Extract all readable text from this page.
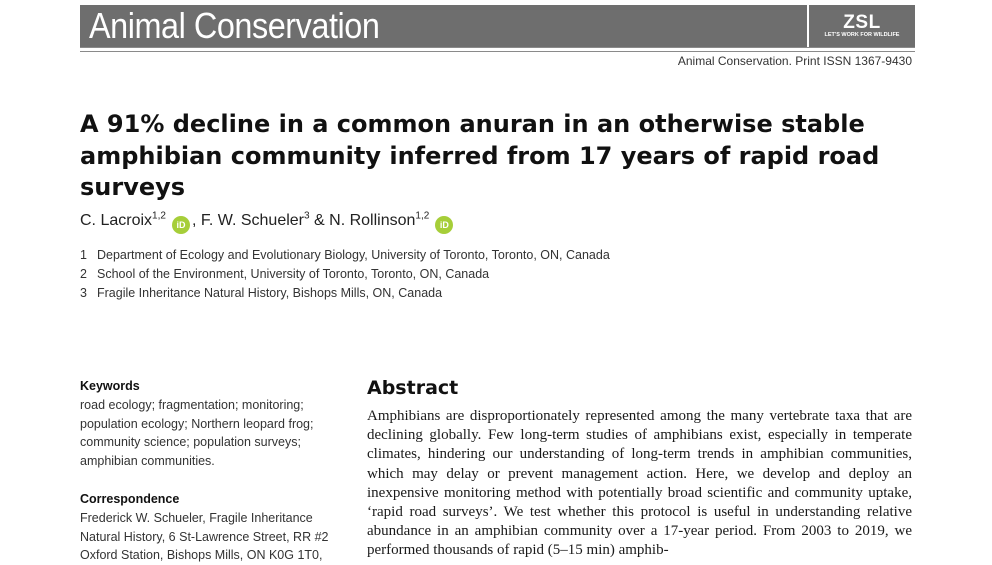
Animal Conservation	ZSL
LET'S WORK FOR WILDLIFE
Animal Conservation. Print ISSN 1367-9430
A 91% decline in a common anuran in an otherwise stable amphibian community inferred from 17 years of rapid road surveys
C. Lacroix$^{1,2}$iD , F. W. Schueler$^3$ & N. Rollinson$^{1,2}$iD
1 Department of Ecology and Evolutionary Biology, University of Toronto, Toronto, ON, Canada
2 School of the Environment, University of Toronto, Toronto, ON, Canada
3 Fragile Inheritance Natural History, Bishops Mills, ON, Canada
Keywords
road ecology; fragmentation; monitoring;
population ecology; Northern leopard frog;
community science; population surveys;
amphibian communities.
Correspondence
Frederick W. Schueler, Fragile Inheritance
Natural History, 6 St-Lawrence Street, RR #2
Oxford Station, Bishops Mills, ON K0G 1T0,
Abstract

Amphibians are disproportionately represented among the many vertebrate taxa that are declining globally. Few long-term studies of amphibians exist, especially in temperate climates, hindering our understanding of long-term trends in amphibian communities, which may delay or prevent management action. Here, we develop and deploy an inexpensive monitoring method with potentially broad scientific and community uptake, ‘rapid road surveys’. We test whether this protocol is useful in understanding relative abundance in an amphibian community over a 17-year period. From 2003 to 2019, we performed thousands of rapid (5–15 min) amphib-
